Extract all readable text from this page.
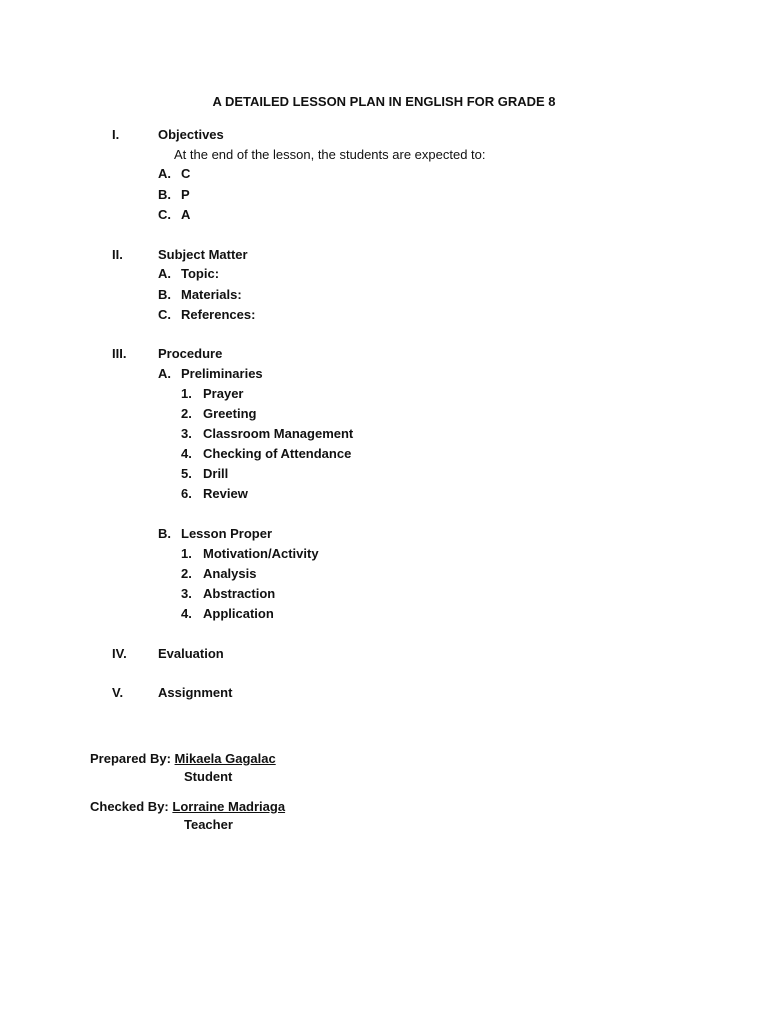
A DETAILED LESSON PLAN IN ENGLISH FOR GRADE 8
I.	Objectives
At the end of the lesson, the students are expected to:
A. C
B. P
C. A
II.	Subject Matter
A. Topic:
B. Materials:
C. References:
III. Procedure
A. Preliminaries
1. Prayer
2. Greeting
3. Classroom Management
4. Checking of Attendance
5. Drill
6. Review
B. Lesson Proper
1. Motivation/Activity
2. Analysis
3. Abstraction
4. Application
IV. Evaluation
V.	Assignment
Prepared By: Mikaela Gagalac
Student
Checked By: Lorraine Madriaga
Teacher
